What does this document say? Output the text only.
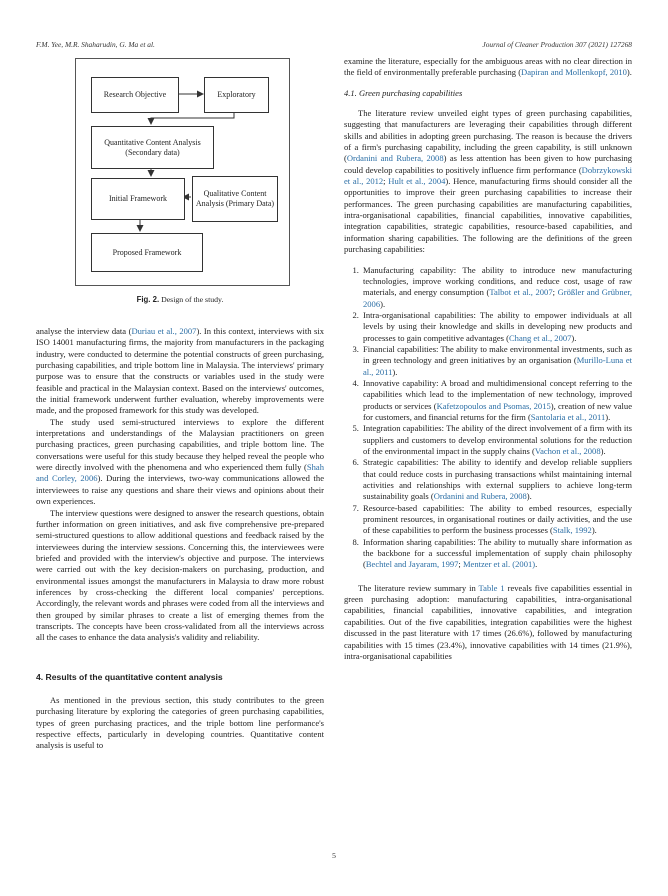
F.M. Yee, M.R. Shaharudin, G. Ma et al.	Journal of Cleaner Production 307 (2021) 127268
Research Objective	Exploratory
Quantitative Content Analysis
(Secondary data)
Initial Framework
Qualitative Content Analysis (Primary Data)
Proposed Framework
Fig. 2. Design of the study.

analyse the interview data (Duriau et al., 2007). In this context, interviews with six ISO 14001 manufacturing firms, the majority from manufacturers in the packaging industry, were conducted to determine the potential constructs of green purchasing, purchasing capabilities, and triple bottom line in Malaysia. The interviews' primary purpose was to ensure that the constructs or variables used in the study were feasible and practical in the Malaysian context. Based on the interviews' outcomes, the initial framework underwent further evaluation, whereby improvements were made, and the proposed framework for this study was developed.

The study used semi-structured interviews to explore the different interpretations and understandings of the Malaysian practitioners on green purchasing practices, green purchasing capabilities, and triple bottom line. The conversations were useful for this study because they helped reveal the people who were directly involved with the phenomena and who experienced them fully (Shah and Corley, 2006). During the interviews, two-way communications allowed the interviewees to raise any questions and share their views and opinions about their own experiences.

The interview questions were designed to answer the research questions, obtain further information on green initiatives, and ask five comprehensive pre-prepared semi-structured questions to allow additional questions and feedback raised by the interviewees during the interview sessions. Concerning this, the interviewees were briefed and provided with the interview's objective and purpose. The interviews were carried out with the key decision-makers on purchasing, production, and environmental issues amongst the manufacturers in Malaysia to draw more robust inferences by cross-checking the different local companies' perceptions. Accordingly, the relevant words and phrases were coded from all the interviews and then grouped by similar phrases to create a list of emerging themes from the transcripts. The concepts have been cross-validated from all the interviews across all the cases to enhance the data analysis's validity and reliability.

4. Results of the quantitative content analysis

As mentioned in the previous section, this study contributes to the green purchasing literature by exploring the categories of green purchasing capabilities, types of green purchasing practices, and the triple bottom line performance's respective effects, particularly in developing countries. Quantitative content analysis is useful to

examine the literature, especially for the ambiguous areas with no clear direction in the field of environmentally preferable purchasing (Dapiran and Mollenkopf, 2010).

4.1. Green purchasing capabilities

The literature review unveiled eight types of green purchasing capabilities, suggesting that manufacturers are leveraging their capabilities through different skills and abilities in adopting green purchasing. The reason is because the drivers of a firm's purchasing capability, including the green capability, is still unknown (Ordanini and Rubera, 2008) as less attention has been given to how purchasing could develop capabilities to positively influence firm performance (Dobrzykowski et al., 2012; Hult et al., 2004). Hence, manufacturing firms should consider all the opportunities to improve their green purchasing capabilities to increase their performances. The green purchasing capabilities are manufacturing capabilities, intra-organisational capabilities, financial capabilities, innovative capabilities, integration capabilities, strategic capabilities, resource-based capabilities, and information sharing capabilities. The following are the definitions of the green purchasing capabilities:

1. Manufacturing capability: The ability to introduce new manufacturing technologies, improve working conditions, and reduce cost, usage of raw materials, and energy consumption (Talbot et al., 2007; Größler and Grübner, 2006).
2. Intra-organisational capabilities: The ability to empower individuals at all levels by using their knowledge and skills in developing new products and processes to gain competitive advantages (Chang et al., 2007).
3. Financial capabilities: The ability to make environmental investments, such as in green technology and green initiatives by an organisation (Murillo-Luna et al., 2011).
4. Innovative capability: A broad and multidimensional concept referring to the capabilities which lead to the implementation of new technology, improved products or services (Kafetzopoulos and Psomas, 2015), creation of new value for customers, and financial returns for the firm (Santolaria et al., 2011).
5. Integration capabilities: The ability of the direct involvement of a firm with its suppliers and customers to develop environmental solutions for the reduction of the environmental impact in the supply chains (Vachon et al., 2008).
6. Strategic capabilities: The ability to identify and develop reliable suppliers that could reduce costs in purchasing transactions whilst maintaining internal activities and relationships with external suppliers to achieve long-term sustainability goals (Ordanini and Rubera, 2008).
7. Resource-based capabilities: The ability to embed resources, especially prominent resources, in organisational routines or daily activities, and the use of these capabilities to perform the business processes (Stalk, 1992).
8. Information sharing capabilities: The ability to mutually share information as the backbone for a successful implementation of supply chain philosophy (Bechtel and Jayaram, 1997; Mentzer et al. (2001).

The literature review summary in Table 1 reveals five capabilities essential in green purchasing adoption: manufacturing capabilities, intra-organisational capabilities, financial capabilities, innovative capabilities, and integration capabilities. Out of the five capabilities, integration capabilities were the highest discussed in the past literature with 17 times (26.6%), followed by manufacturing capabilities with 15 times (23.4%), innovative capabilities with 14 times (21.9%), intra-organisational capabilities

5
